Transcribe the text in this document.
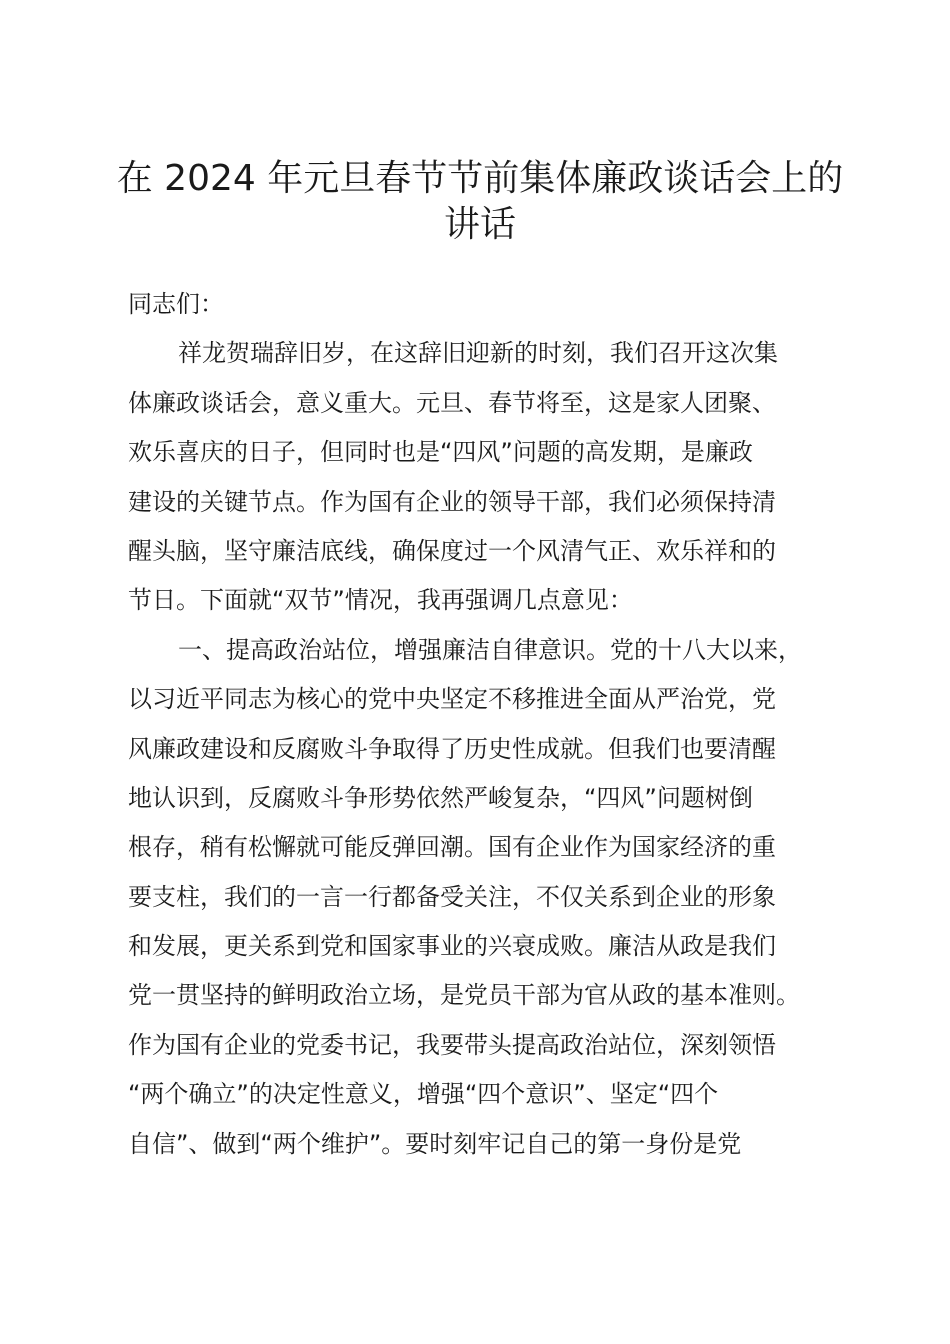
在 2024 年元旦春节节前集体廉政谈话会上的
讲话
同志们：
祥龙贺瑞辞旧岁，在这辞旧迎新的时刻，我们召开这次集
体廉政谈话会，意义重大。元旦、春节将至，这是家人团聚、
欢乐喜庆的日子，但同时也是“四风”问题的高发期，是廉政
建设的关键节点。作为国有企业的领导干部，我们必须保持清
醒头脑，坚守廉洁底线，确保度过一个风清气正、欢乐祥和的
节日。下面就“双节”情况，我再强调几点意见：
一、提高政治站位，增强廉洁自律意识。党的十八大以来，
以习近平同志为核心的党中央坚定不移推进全面从严治党，党
风廉政建设和反腐败斗争取得了历史性成就。但我们也要清醒
地认识到，反腐败斗争形势依然严峻复杂，“四风”问题树倒
根存，稍有松懈就可能反弹回潮。国有企业作为国家经济的重
要支柱，我们的一言一行都备受关注，不仅关系到企业的形象
和发展，更关系到党和国家事业的兴衰成败。廉洁从政是我们
党一贯坚持的鲜明政治立场，是党员干部为官从政的基本准则。
作为国有企业的党委书记，我要带头提高政治站位，深刻领悟
“两个确立”的决定性意义，增强“四个意识”、坚定“四个
自信”、做到“两个维护”。要时刻牢记自己的第一身份是党
